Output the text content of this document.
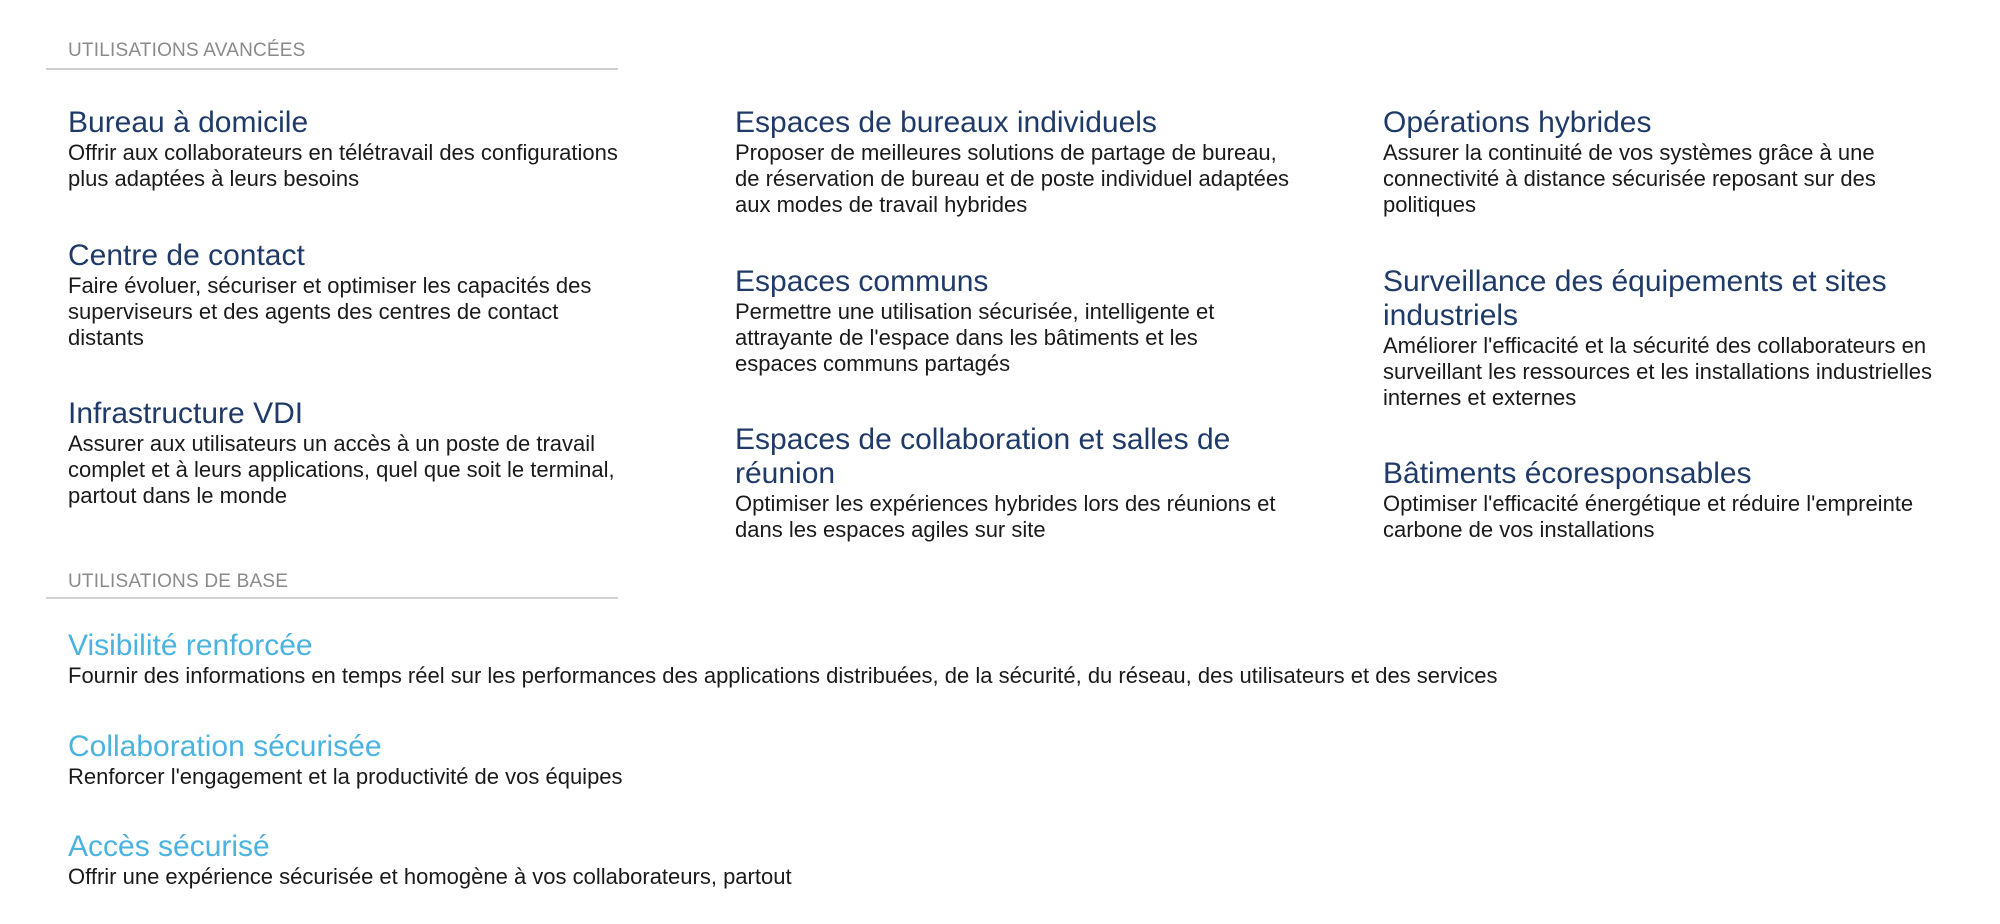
UTILISATIONS AVANCÉES
Bureau à domicile

Offrir aux collaborateurs en télétravail des configurations plus adaptées à leurs besoins

Centre de contact

Faire évoluer, sécuriser et optimiser les capacités des superviseurs et des agents des centres de contact distants

Infrastructure VDI

Assurer aux utilisateurs un accès à un poste de travail complet et à leurs applications, quel que soit le terminal, partout dans le monde

Espaces de bureaux individuels

Proposer de meilleures solutions de partage de bureau, de réservation de bureau et de poste individuel adaptées aux modes de travail hybrides

Espaces communs

Permettre une utilisation sécurisée, intelligente et attrayante de l'espace dans les bâtiments et les espaces communs partagés

Espaces de collaboration et salles de réunion

Optimiser les expériences hybrides lors des réunions et dans les espaces agiles sur site

Opérations hybrides

Assurer la continuité de vos systèmes grâce à une connectivité à distance sécurisée reposant sur des politiques

Surveillance des équipements et sites industriels

Améliorer l'efficacité et la sécurité des collaborateurs en surveillant les ressources et les installations industrielles internes et externes

Bâtiments écoresponsables

Optimiser l'efficacité énergétique et réduire l'empreinte carbone de vos installations

UTILISATIONS DE BASE
Visibilité renforcée

Fournir des informations en temps réel sur les performances des applications distribuées, de la sécurité, du réseau, des utilisateurs et des services

Collaboration sécurisée

Renforcer l'engagement et la productivité de vos équipes

Accès sécurisé

Offrir une expérience sécurisée et homogène à vos collaborateurs, partout
